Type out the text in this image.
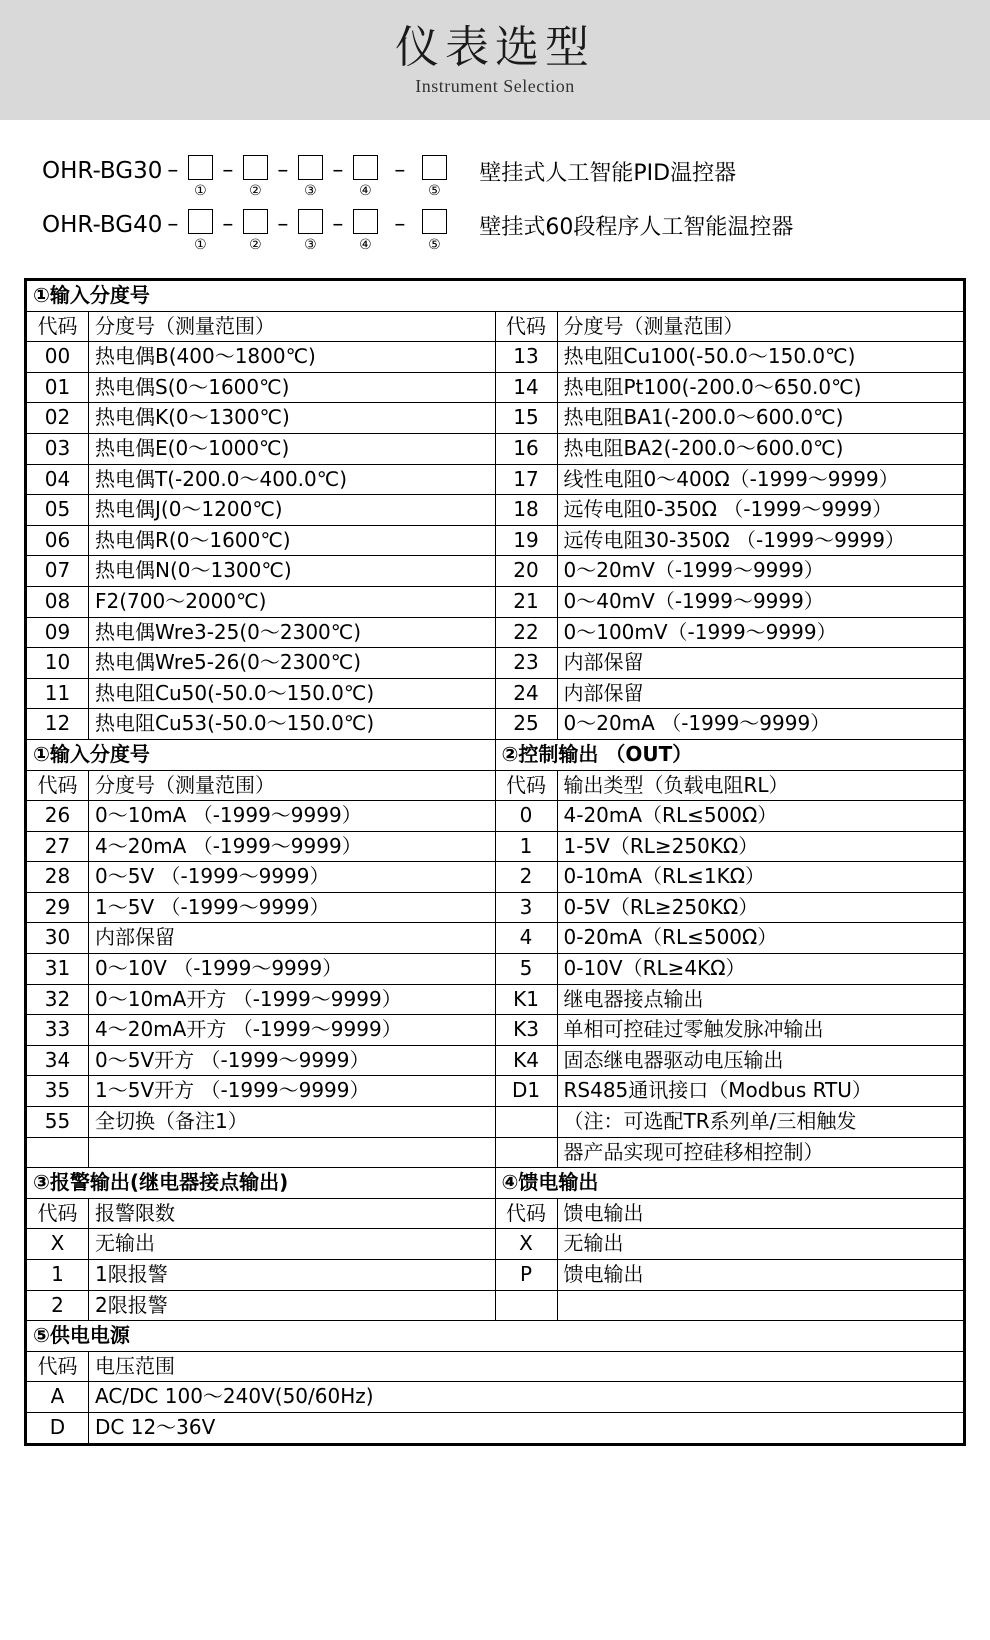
仪表选型
Instrument Selection
OHR-BG30 –
①
–
②
–
③
–
④
–
⑤
壁挂式人工智能PID温控器
OHR-BG40 –
①
–
②
–
③
–
④
–
⑤
壁挂式60段程序人工智能温控器
①输入分度号			
代码	分度号（测量范围）	代码	分度号（测量范围）
00	热电偶B(400～1800℃)	13	热电阻Cu100(-50.0～150.0℃)
01	热电偶S(0～1600℃)	14	热电阻Pt100(-200.0～650.0℃)
02	热电偶K(0～1300℃)	15	热电阻BA1(-200.0～600.0℃)
03	热电偶E(0～1000℃)	16	热电阻BA2(-200.0～600.0℃)
04	热电偶T(-200.0～400.0℃)	17	线性电阻0～400Ω（-1999～9999）
05	热电偶J(0～1200℃)	18	远传电阻0-350Ω （-1999～9999）
06	热电偶R(0～1600℃)	19	远传电阻30-350Ω （-1999～9999）
07	热电偶N(0～1300℃)	20	0～20mV（-1999～9999）
08	F2(700～2000℃)	21	0～40mV（-1999～9999）
09	热电偶Wre3-25(0～2300℃)	22	0～100mV（-1999～9999）
10	热电偶Wre5-26(0～2300℃)	23	内部保留
11	热电阻Cu50(-50.0～150.0℃)	24	内部保留
12	热电阻Cu53(-50.0～150.0℃)	25	0～20mA （-1999～9999）
①输入分度号		②控制输出 （OUT）	
代码	分度号（测量范围）	代码	输出类型（负载电阻RL）
26	0～10mA （-1999～9999）	0	4-20mA（RL≤500Ω）
27	4～20mA （-1999～9999）	1	1-5V（RL≥250KΩ）
28	0～5V （-1999～9999）	2	0-10mA（RL≤1KΩ）
29	1～5V （-1999～9999）	3	0-5V（RL≥250KΩ）
30	内部保留	4	0-20mA（RL≤500Ω）
31	0～10V （-1999～9999）	5	0-10V（RL≥4KΩ）
32	0～10mA开方 （-1999～9999）	K1	继电器接点输出
33	4～20mA开方 （-1999～9999）	K3	单相可控硅过零触发脉冲输出
34	0～5V开方 （-1999～9999）	K4	固态继电器驱动电压输出
35	1～5V开方 （-1999～9999）	D1	RS485通讯接口（Modbus RTU）
55	全切换（备注1）		（注：可选配TR系列单/三相触发
			器产品实现可控硅移相控制）
③报警输出(继电器接点输出)		④馈电输出	
代码	报警限数	代码	馈电输出
X	无输出	X	无输出
1	1限报警	P	馈电输出
2	2限报警		
⑤供电电源			
代码	电压范围		
A	AC/DC 100～240V(50/60Hz)		
D	DC 12～36V		
